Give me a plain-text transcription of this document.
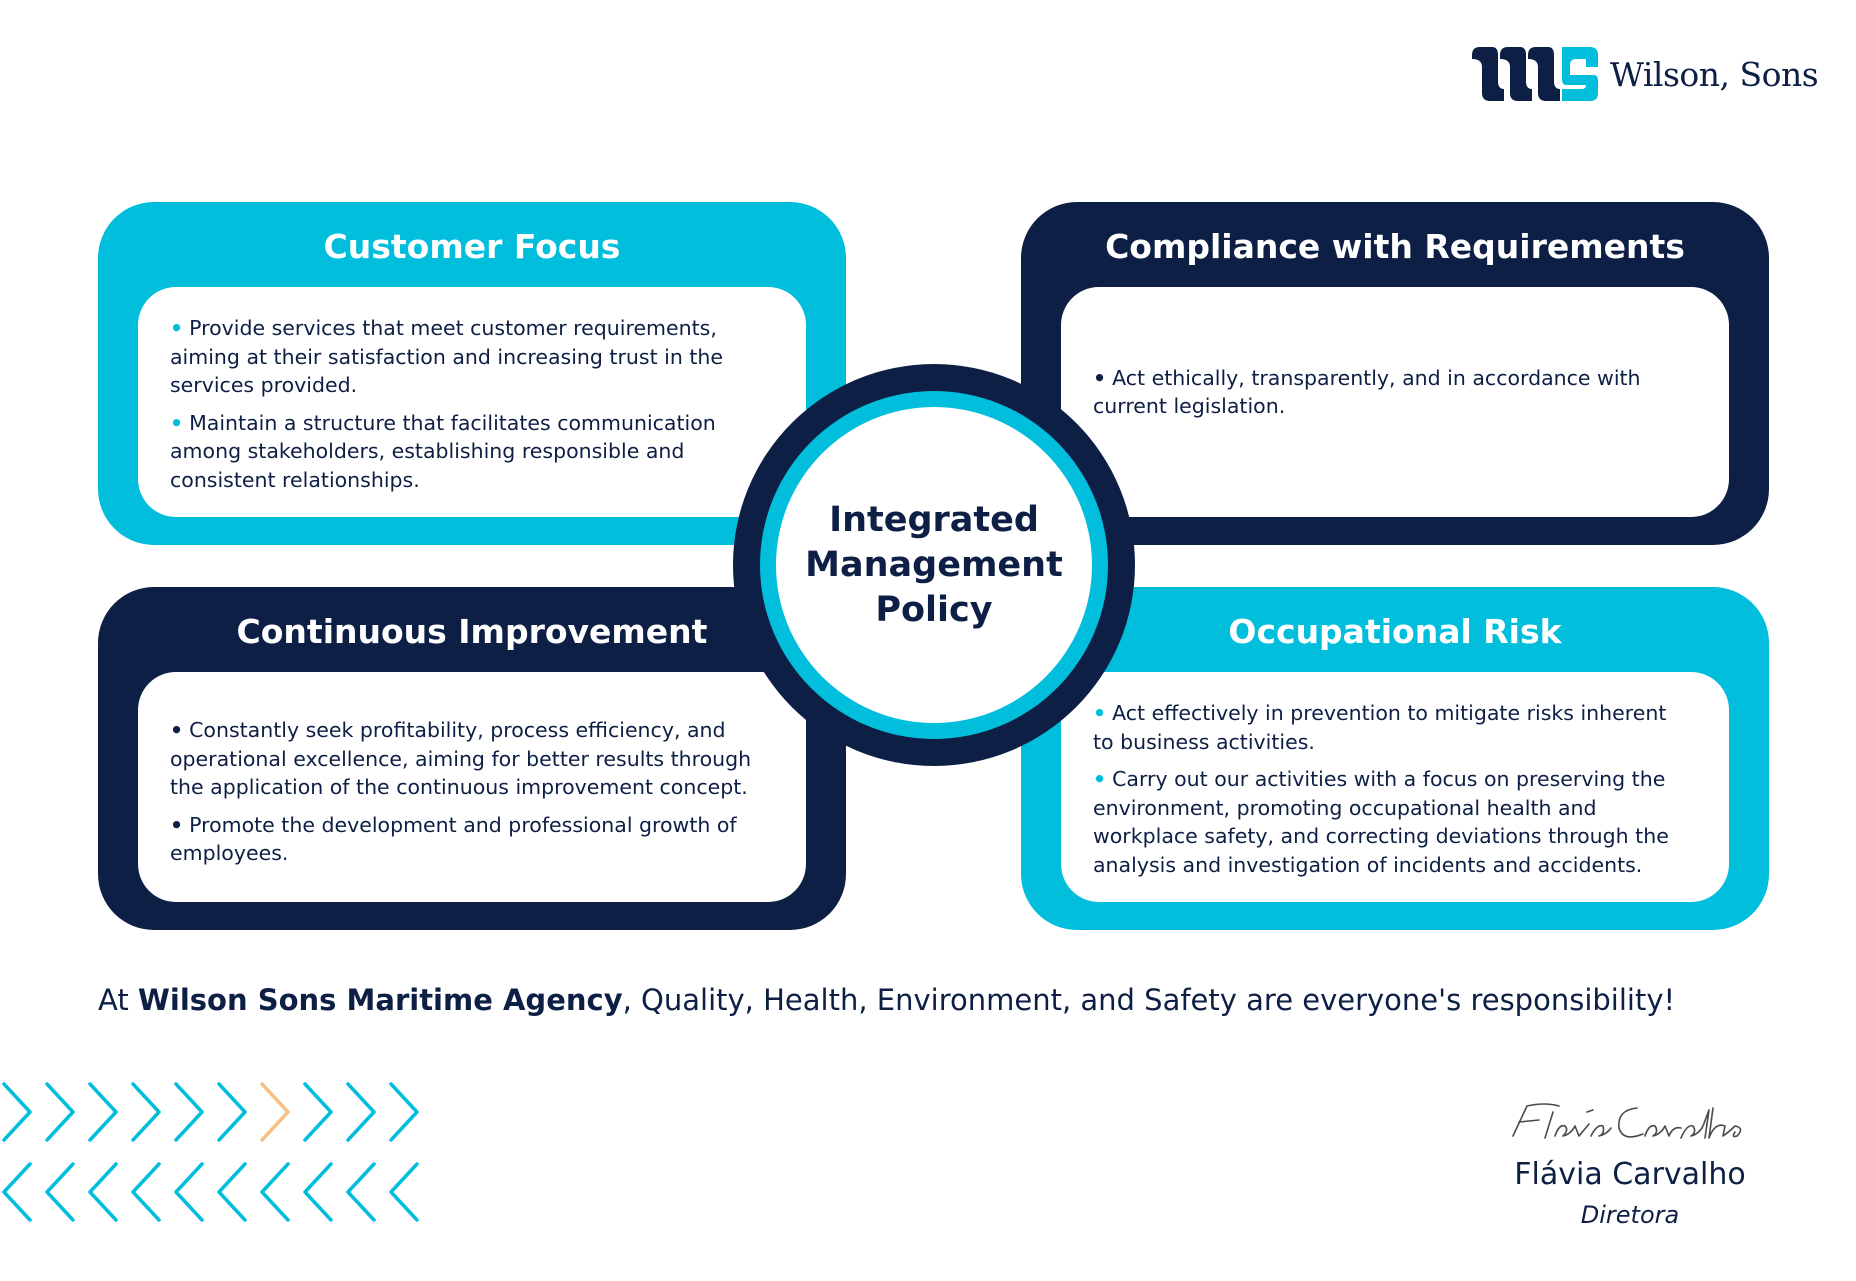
Wilson, Sons
Customer Focus

• Provide services that meet customer requirements, aiming at their satisfaction and increasing trust in the services provided.

• Maintain a structure that facilitates communication among stakeholders, establishing responsible and consistent relationships.

Compliance with Requirements

• Act ethically, transparently, and in accordance with current legislation.

Continuous Improvement

• Constantly seek profitability, process efficiency, and operational excellence, aiming for better results through the application of the continuous improvement concept.

• Promote the development and professional growth of employees.

Occupational Risk

• Act effectively in prevention to mitigate risks inherent to business activities.

• Carry out our activities with a focus on preserving the environment, promoting occupational health and workplace safety, and correcting deviations through the analysis and investigation of incidents and accidents.

Integrated Management Policy
At Wilson Sons Maritime Agency, Quality, Health, Environment, and Safety are everyone's responsibility!
Flávia Carvalho
Diretora
